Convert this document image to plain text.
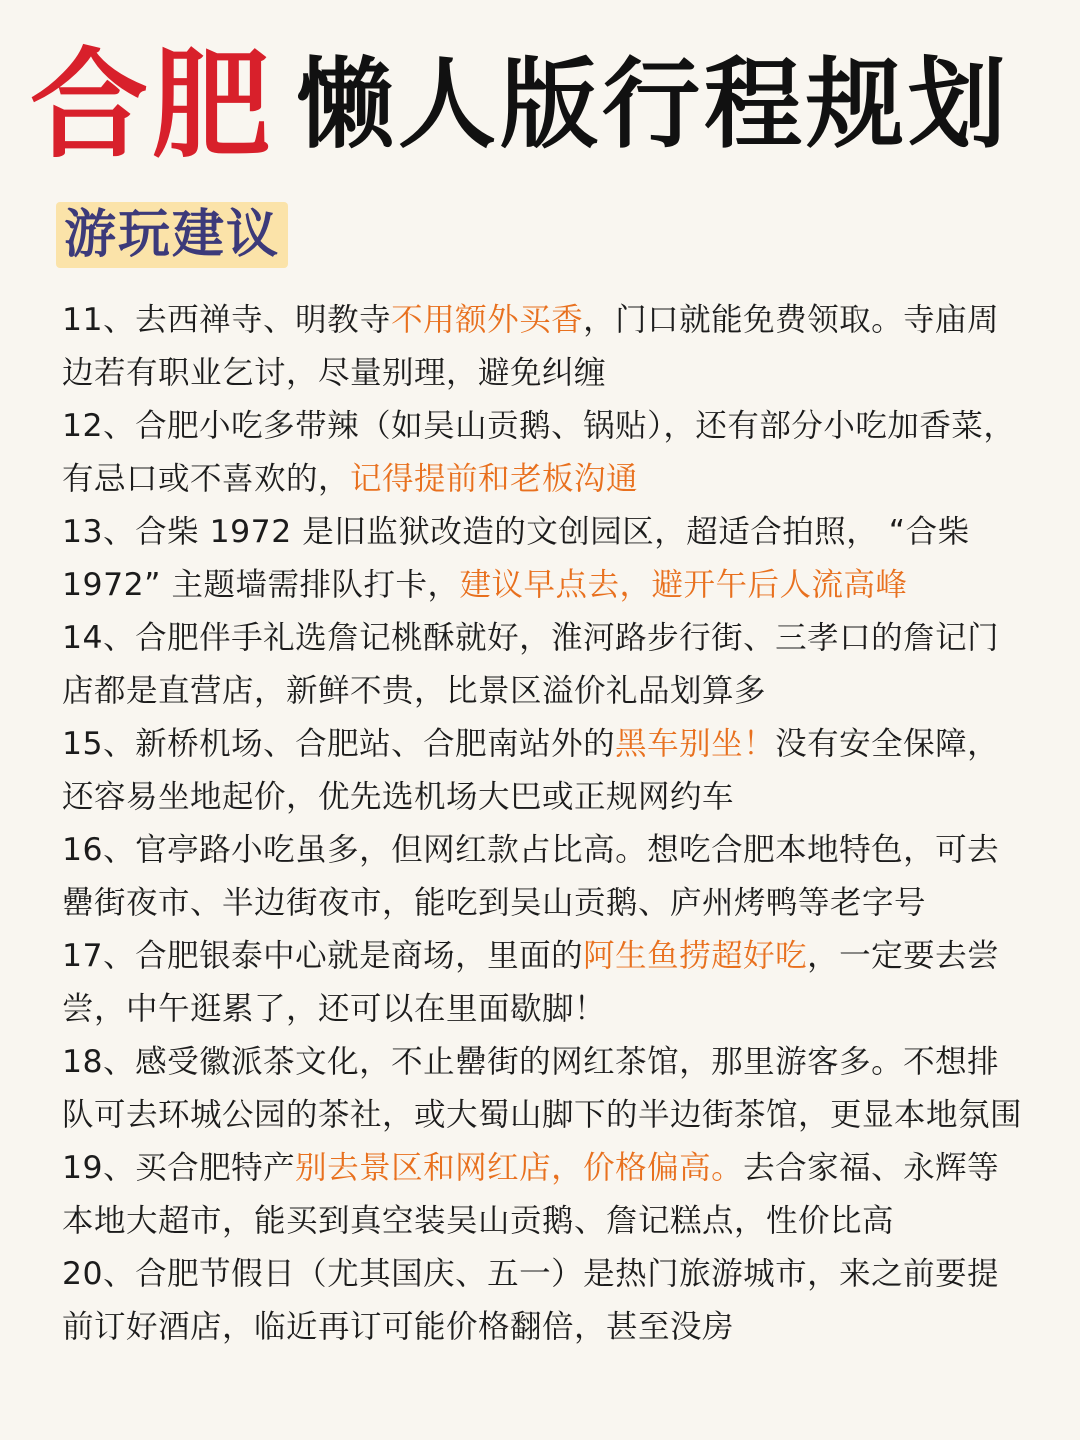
合肥 懒人版行程规划
游玩建议
11、去西禅寺、明教寺不用额外买香，门口就能免费领取。寺庙周边若有职业乞讨，尽量别理，避免纠缠
12、合肥小吃多带辣（如吴山贡鹅、锅贴），还有部分小吃加香菜，有忌口或不喜欢的，记得提前和老板沟通
13、合柴 1972 是旧监狱改造的文创园区，超适合拍照， “合柴 1972” 主题墙需排队打卡，建议早点去，避开午后人流高峰
14、合肥伴手礼选詹记桃酥就好，淮河路步行街、三孝口的詹记门店都是直营店，新鲜不贵，比景区溢价礼品划算多
15、新桥机场、合肥站、合肥南站外的黑车别坐！没有安全保障，还容易坐地起价，优先选机场大巴或正规网约车
16、官亭路小吃虽多，但网红款占比高。想吃合肥本地特色，可去罍街夜市、半边街夜市，能吃到吴山贡鹅、庐州烤鸭等老字号
17、合肥银泰中心就是商场，里面的阿生鱼捞超好吃，一定要去尝尝，中午逛累了，还可以在里面歇脚！
18、感受徽派茶文化，不止罍街的网红茶馆，那里游客多。不想排队可去环城公园的茶社，或大蜀山脚下的半边街茶馆，更显本地氛围
19、买合肥特产别去景区和网红店，价格偏高。去合家福、永辉等本地大超市，能买到真空装吴山贡鹅、詹记糕点，性价比高
20、合肥节假日（尤其国庆、五一）是热门旅游城市，来之前要提前订好酒店，临近再订可能价格翻倍，甚至没房
